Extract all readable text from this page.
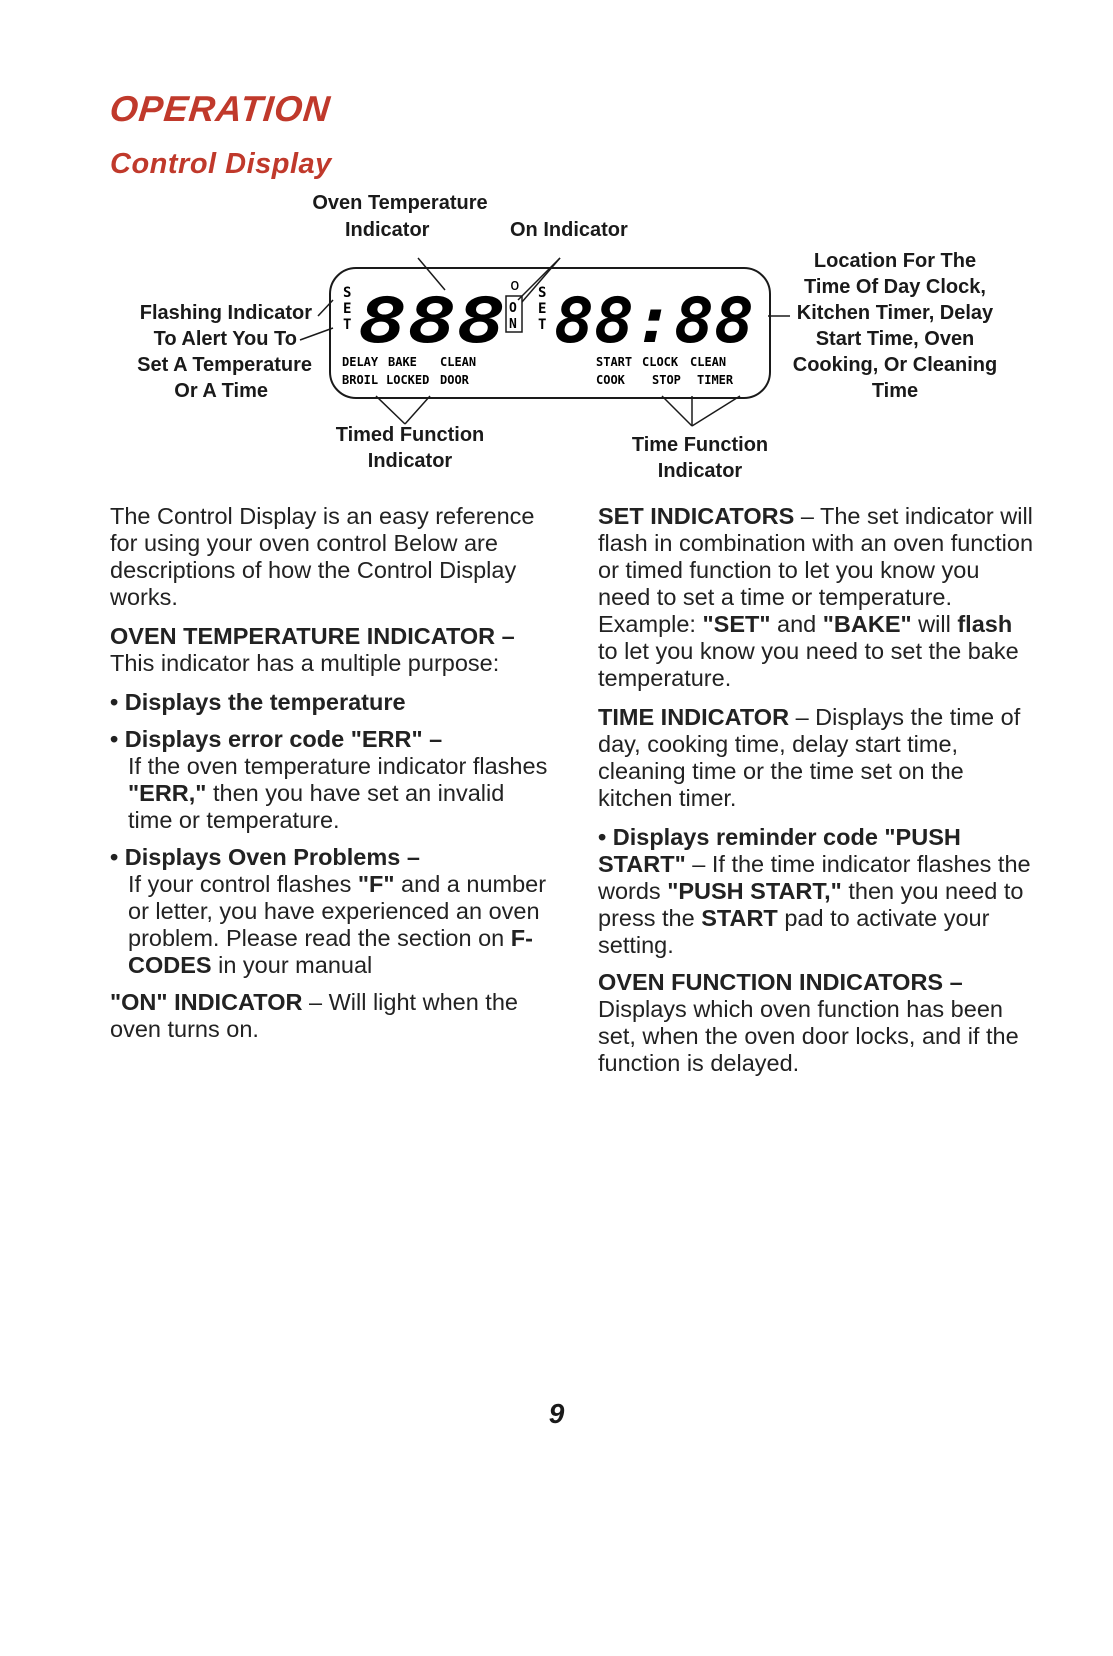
OPERATION
Control Display
Oven Temperature
Indicator	On Indicator
Flashing Indicator
To Alert You To
Set A Temperature
Or A Time
Location For The
Time Of Day Clock,
Kitchen Timer, Delay
Start Time, Oven
Cooking, Or Cleaning
Time
Timed Function
Indicator
Time Function
Indicator
S
E
T 888 o
O
N
S
E
T 88:88
DELAY BAKE CLEAN
BROIL LOCKED DOOR
START CLOCK CLEAN
COOK STOP TIMER

The Control Display is an easy reference for using your oven control Below are descriptions of how the Control Display works.

OVEN TEMPERATURE INDICATOR –

This indicator has a multiple purpose:

• Displays the temperature
• Displays error code "ERR" –
If the oven temperature indicator flashes "ERR," then you have set an invalid time or temperature.
• Displays Oven Problems –
If your control flashes "F" and a number or letter, you have experienced an oven problem. Please read the section on F-CODES in your manual

"ON" INDICATOR – Will light when the oven turns on.

SET INDICATORS – The set indicator will flash in combination with an oven function or timed function to let you know you need to set a time or temperature. Example: "SET" and "BAKE" will flash to let you know you need to set the bake temperature.

TIME INDICATOR – Displays the time of day, cooking time, delay start time, cleaning time or the time set on the kitchen timer.

• Displays reminder code "PUSH START" – If the time indicator flashes the words "PUSH START," then you need to press the START pad to activate your setting.
OVEN FUNCTION INDICATORS –

Displays which oven function has been set, when the oven door locks, and if the function is delayed.

9
